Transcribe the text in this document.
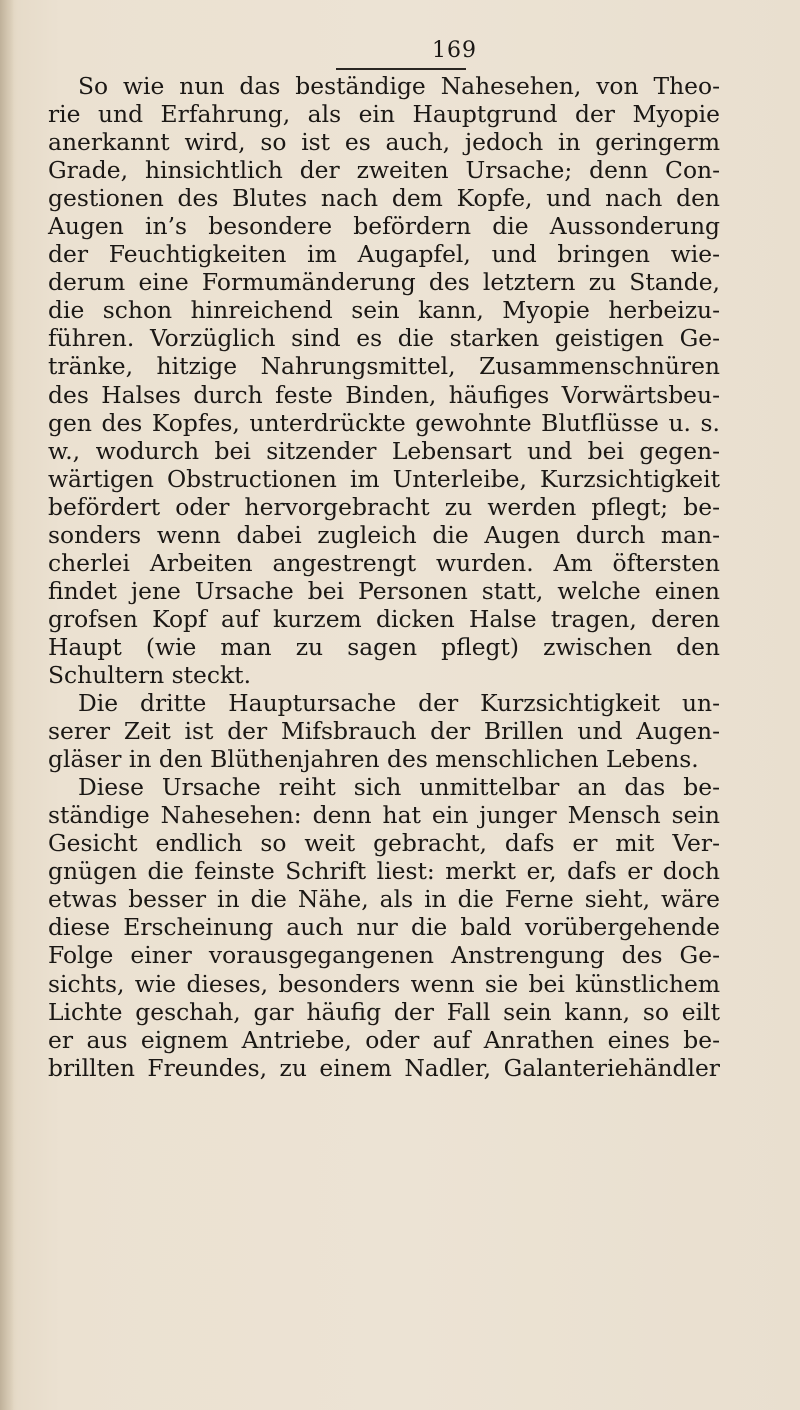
169
So wie nun das beständige Nahesehen, von Theo-
rie und Erfahrung, als ein Hauptgrund der Myopie
anerkannt wird, so ist es auch, jedoch in geringerm
Grade, hinsichtlich der zweiten Ursache; denn Con-
gestionen des Blutes nach dem Kopfe, und nach den
Augen in’s besondere befördern die Aussonderung
der Feuchtigkeiten im Augapfel, und bringen wie-
derum eine Formumänderung des letztern zu Stande,
die schon hinreichend sein kann, Myopie herbeizu-
führen. Vorzüglich sind es die starken geistigen Ge-
tränke, hitzige Nahrungsmittel, Zusammenschnüren
des Halses durch feste Binden, häufiges Vorwärtsbeu-
gen des Kopfes, unterdrückte gewohnte Blutflüsse u. s.
w., wodurch bei sitzender Lebensart und bei gegen-
wärtigen Obstructionen im Unterleibe, Kurzsichtigkeit
befördert oder hervorgebracht zu werden pflegt; be-
sonders wenn dabei zugleich die Augen durch man-
cherlei Arbeiten angestrengt wurden. Am öftersten
findet jene Ursache bei Personen statt, welche einen
grofsen Kopf auf kurzem dicken Halse tragen, deren
Haupt (wie man zu sagen pflegt) zwischen den
Schultern steckt.
Die dritte Hauptursache der Kurzsichtigkeit un-
serer Zeit ist der Mifsbrauch der Brillen und Augen-
gläser in den Blüthenjahren des menschlichen Lebens.
Diese Ursache reiht sich unmittelbar an das be-
ständige Nahesehen: denn hat ein junger Mensch sein
Gesicht endlich so weit gebracht, dafs er mit Ver-
gnügen die feinste Schrift liest: merkt er, dafs er doch
etwas besser in die Nähe, als in die Ferne sieht, wäre
diese Erscheinung auch nur die bald vorübergehende
Folge einer vorausgegangenen Anstrengung des Ge-
sichts, wie dieses, besonders wenn sie bei künstlichem
Lichte geschah, gar häufig der Fall sein kann, so eilt
er aus eignem Antriebe, oder auf Anrathen eines be-
brillten Freundes, zu einem Nadler, Galanteriehändler
